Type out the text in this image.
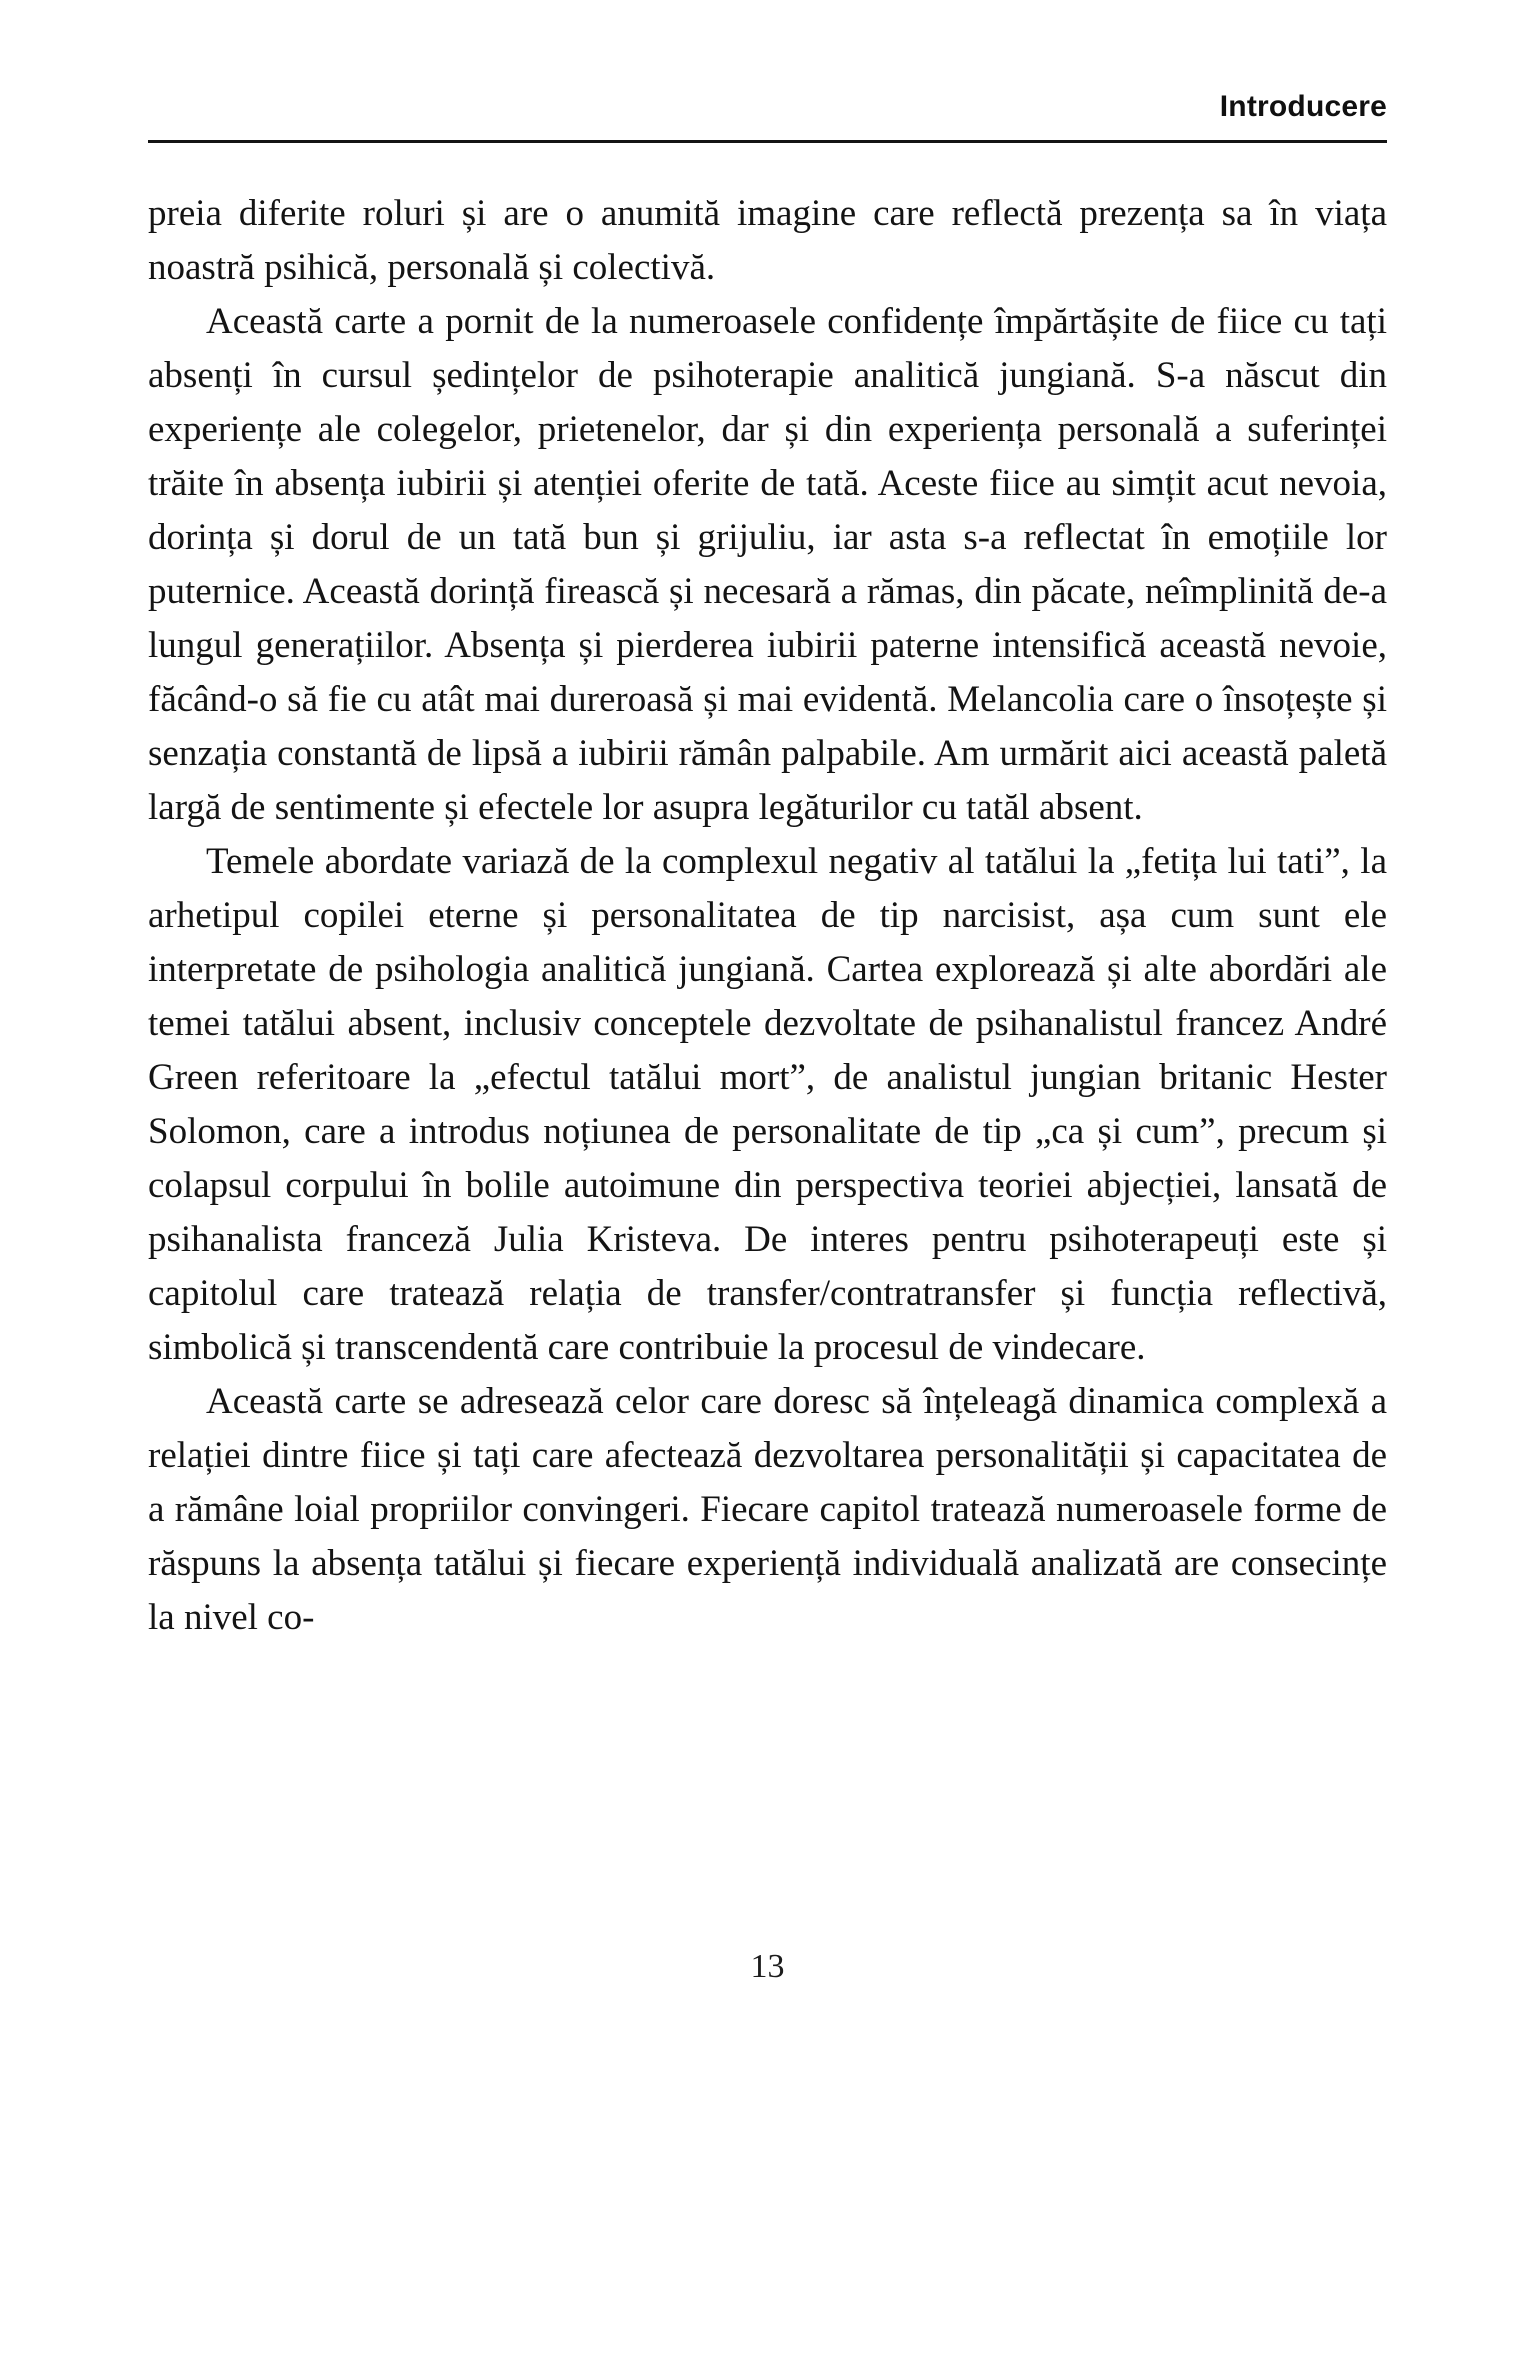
Introducere

preia diferite roluri și are o anumită imagine care reflectă prezența sa în viața noastră psihică, personală și colectivă.

Această carte a pornit de la numeroasele confidențe împărtășite de fiice cu tați absenți în cursul ședințelor de psihoterapie analitică jungiană. S-a născut din experiențe ale colegelor, prietenelor, dar și din experiența personală a suferinței trăite în absența iubirii și atenției oferite de tată. Aceste fiice au simțit acut nevoia, dorința și dorul de un tată bun și grijuliu, iar asta s-a reflectat în emoțiile lor puternice. Această dorință firească și necesară a rămas, din păcate, neîmplinită de-a lungul generațiilor. Absența și pierderea iubirii paterne intensifică această nevoie, făcând-o să fie cu atât mai dureroasă și mai evidentă. Melancolia care o însoțește și senzația constantă de lipsă a iubirii rămân palpabile. Am urmărit aici această paletă largă de sentimente și efectele lor asupra legăturilor cu tatăl absent.

Temele abordate variază de la complexul negativ al tatălui la „fetița lui tati”, la arhetipul copilei eterne și personalitatea de tip narcisist, așa cum sunt ele interpretate de psihologia analitică jungiană. Cartea explorează și alte abordări ale temei tatălui absent, inclusiv conceptele dezvoltate de psihanalistul francez André Green referitoare la „efectul tatălui mort”, de analistul jungian britanic Hester Solomon, care a introdus noțiunea de personalitate de tip „ca și cum”, precum și colapsul corpului în bolile autoimune din perspectiva teoriei abjecției, lansată de psihanalista franceză Julia Kristeva. De interes pentru psihoterapeuți este și capitolul care tratează relația de transfer/contratransfer și funcția reflectivă, simbolică și transcendentă care contribuie la procesul de vindecare.

Această carte se adresează celor care doresc să înțeleagă dinamica complexă a relației dintre fiice și tați care afectează dezvoltarea personalității și capacitatea de a rămâne loial propriilor convingeri. Fiecare capitol tratează numeroasele forme de răspuns la absența tatălui și fiecare experiență individuală analizată are consecințe la nivel co-

13
